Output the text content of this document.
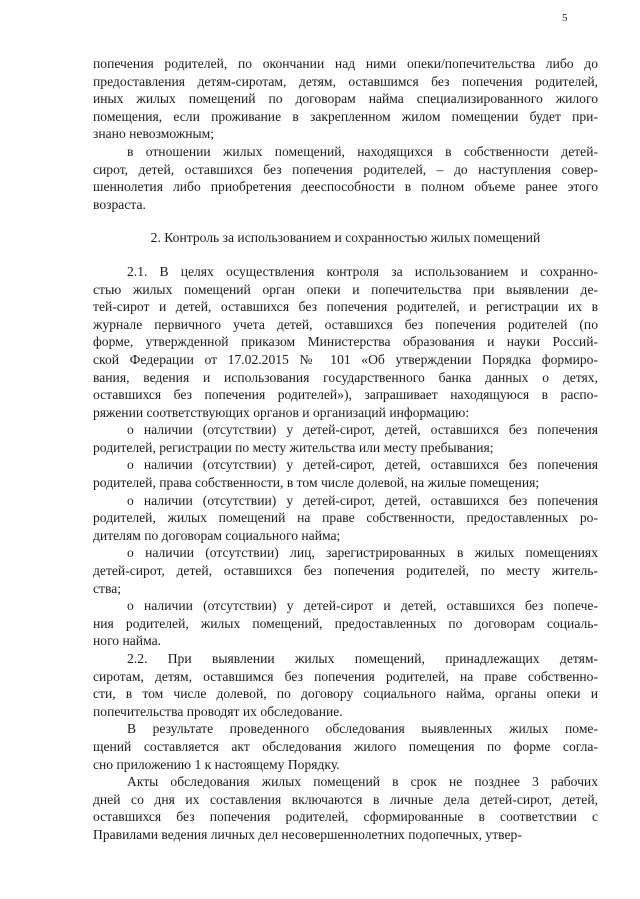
5
попечения родителей, по окончании над ними опеки/попечительства либо до
предоставления детям-сиротам, детям, оставшимся без попечения родителей,
иных жилых помещений по договорам найма специализированного жилого
помещения, если проживание в закрепленном жилом помещении будет при-
знано невозможным;
в отношении жилых помещений, находящихся в собственности детей-
сирот, детей, оставшихся без попечения родителей, – до наступления совер-
шеннолетия либо приобретения дееспособности в полном объеме ранее этого
возраста.
2. Контроль за использованием и сохранностью жилых помещений
2.1. В целях осуществления контроля за использованием и сохранно-
стью жилых помещений орган опеки и попечительства при выявлении де-
тей-сирот и детей, оставшихся без попечения родителей, и регистрации их в
журнале первичного учета детей, оставшихся без попечения родителей (по
форме, утвержденной приказом Министерства образования и науки Россий-
ской Федерации от 17.02.2015 № 101 «Об утверждении Порядка формиро-
вания, ведения и использования государственного банка данных о детях,
оставшихся без попечения родителей»), запрашивает находящуюся в распо-
ряжении соответствующих органов и организаций информацию:
о наличии (отсутствии) у детей-сирот, детей, оставшихся без попечения
родителей, регистрации по месту жительства или месту пребывания;
о наличии (отсутствии) у детей-сирот, детей, оставшихся без попечения
родителей, права собственности, в том числе долевой, на жилые помещения;
о наличии (отсутствии) у детей-сирот, детей, оставшихся без попечения
родителей, жилых помещений на праве собственности, предоставленных ро-
дителям по договорам социального найма;
о наличии (отсутствии) лиц, зарегистрированных в жилых помещениях
детей-сирот, детей, оставшихся без попечения родителей, по месту житель-
ства;
о наличии (отсутствии) у детей-сирот и детей, оставшихся без попече-
ния родителей, жилых помещений, предоставленных по договорам социаль-
ного найма.
2.2. При выявлении жилых помещений, принадлежащих детям-
сиротам, детям, оставшимся без попечения родителей, на праве собственно-
сти, в том числе долевой, по договору социального найма, органы опеки и
попечительства проводят их обследование.
В результате проведенного обследования выявленных жилых поме-
щений составляется акт обследования жилого помещения по форме согла-
сно приложению 1 к настоящему Порядку.
Акты обследования жилых помещений в срок не позднее 3 рабочих
дней со дня их составления включаются в личные дела детей-сирот, детей,
оставшихся без попечения родителей, сформированные в соответствии с
Правилами ведения личных дел несовершеннолетних подопечных, утвер-
